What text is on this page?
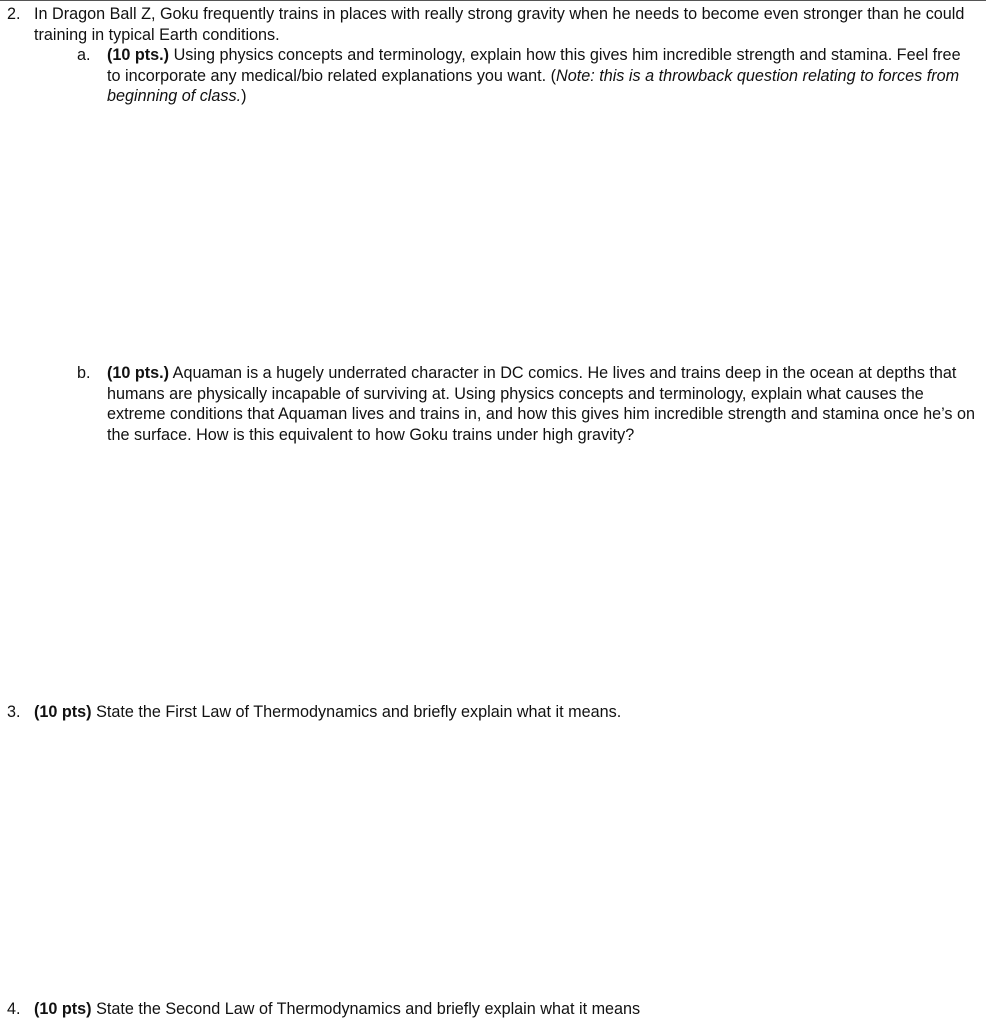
2. In Dragon Ball Z, Goku frequently trains in places with really strong gravity when he needs to become even stronger than he could training in typical Earth conditions.
a. (10 pts.) Using physics concepts and terminology, explain how this gives him incredible strength and stamina. Feel free to incorporate any medical/bio related explanations you want. (Note: this is a throwback question relating to forces from beginning of class.)
b. (10 pts.) Aquaman is a hugely underrated character in DC comics. He lives and trains deep in the ocean at depths that humans are physically incapable of surviving at. Using physics concepts and terminology, explain what causes the extreme conditions that Aquaman lives and trains in, and how this gives him incredible strength and stamina once he’s on the surface. How is this equivalent to how Goku trains under high gravity?
3. (10 pts) State the First Law of Thermodynamics and briefly explain what it means.
4. (10 pts) State the Second Law of Thermodynamics and briefly explain what it means
